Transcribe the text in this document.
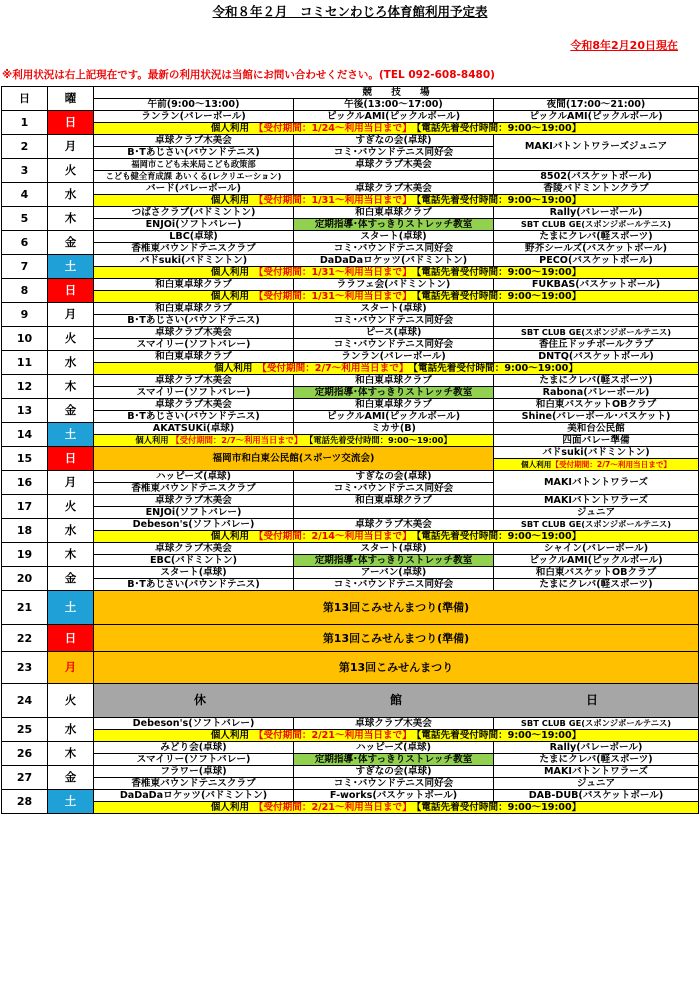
令和８年２月　コミセンわじろ体育館利用予定表
令和8年2月20日現在
※利用状況は右上記現在です。最新の利用状況は当館にお問い合わせください。(TEL 092-608-8480)
日	曜	競　　技　　場		
		午前(9:00～13:00)	午後(13:00～17:00)	夜間(17:00～21:00)
1	日	ランラン(バレーボール)	ピックルAMI(ピックルボール)	ピックルAMI(ピックルボール)
		個人利用　 【受付期間：1/24～利用当日まで】　 【電話先着受付時間：9:00～19:00】		
2	月	卓球クラブ木美会	すぎなの会(卓球)	MAKIバトントワラーズジュニア
		B･Tあじさい(バウンドテニス)	コミ･バウンドテニス同好会	
3	火	福岡市こども未来局こども政策部	卓球クラブ木美会	
		こども健全育成課 あいくる(レクリエーション)		8502(バスケットボール)
4	水	バード(バレーボール)	卓球クラブ木美会	香陵バドミントンクラブ
		個人利用　 【受付期間：1/31～利用当日まで】　 【電話先着受付時間：9:00～19:00】		
5	木	つばさクラブ(バドミントン)	和白東卓球クラブ	Rally(バレーボール)
		ENJOi(ソフトバレー)	定期指導･体すっきりストレッチ教室	SBT CLUB GE(スポンジボールテニス)
6	金	LBC(卓球)	スタート(卓球)	たまにクレバ(軽スポーツ)
		香椎東バウンドテニスクラブ	コミ･バウンドテニス同好会	野芥シールズ(バスケットボール)
7	土	バドsuki(バドミントン)	DaDaDaロケッツ(バドミントン)	PECO(バスケットボール)
		個人利用　 【受付期間：1/31～利用当日まで】　 【電話先着受付時間：9:00～19:00】		
8	日	和白東卓球クラブ	ララフェ会(バドミントン)	FUKBAS(バスケットボール)
		個人利用　 【受付期間：1/31～利用当日まで】　 【電話先着受付時間：9:00～19:00】		
9	月	和白東卓球クラブ	スタート(卓球)	
		B･Tあじさい(バウンドテニス)	コミ･バウンドテニス同好会	
10	火	卓球クラブ木美会	ピース(卓球)	SBT CLUB GE(スポンジボールテニス)
		スマイリー(ソフトバレー)	コミ･バウンドテニス同好会	香住丘ドッチボールクラブ
11	水	和白東卓球クラブ	ランラン(バレーボール)	DNTQ(バスケットボール)
		個人利用　 【受付期間：2/7～利用当日まで】　 【電話先着受付時間：9:00～19:00】		
12	木	卓球クラブ木美会	和白東卓球クラブ	たまにクレバ(軽スポーツ)
		スマイリー(ソフトバレー)	定期指導･体すっきりストレッチ教室	Rabona(バレーボール)
13	金	卓球クラブ木美会	和白東卓球クラブ	和白東バスケットOBクラブ
		B･Tあじさい(バウンドテニス)	ピックルAMI(ピックルボール)	Shine(バレーボール･バスケット)
14	土	AKATSUKi(卓球)	ミカサ(B)	美和台公民館
		個人利用 【受付期間：2/7～利用当日まで】 【電話先着受付時間：9:00～19:00】		四面バレー準備
15	日	福岡市和白東公民館(スポーツ交流会)		バドsuki(バドミントン)
				個人利用【受付期間：2/7～利用当日まで】
16	月	ハッピーズ(卓球)	すぎなの会(卓球)	MAKIバトントワラーズ
		香椎東バウンドテニスクラブ	コミ･バウンドテニス同好会	
17	火	卓球クラブ木美会	和白東卓球クラブ	MAKIバトントワラーズ
		ENJOi(ソフトバレー)		ジュニア
18	水	Debeson's(ソフトバレー)	卓球クラブ木美会	SBT CLUB GE(スポンジボールテニス)
		個人利用　 【受付期間：2/14～利用当日まで】　 【電話先着受付時間：9:00～19:00】		
19	木	卓球クラブ木美会	スタート(卓球)	シャイン(バレーボール)
		EBC(バドミントン)	定期指導･体すっきりストレッチ教室	ピックルAMI(ピックルボール)
20	金	スタート(卓球)	アーバン(卓球)	和白東バスケットOBクラブ
		B･Tあじさい(バウンドテニス)	コミ･バウンドテニス同好会	たまにクレバ(軽スポーツ)
21	土	第13回こみせんまつり(準備)		
22	日	第13回こみせんまつり(準備)		
23	月	第13回こみせんまつり		
24	火	休 館 日		
25	水	Debeson's(ソフトバレー)	卓球クラブ木美会	SBT CLUB GE(スポンジボールテニス)
		個人利用　 【受付期間：2/21～利用当日まで】　 【電話先着受付時間：9:00～19:00】		
26	木	みどり会(卓球)	ハッピーズ(卓球)	Rally(バレーボール)
		スマイリー(ソフトバレー)	定期指導･体すっきりストレッチ教室	たまにクレバ(軽スポーツ)
27	金	フラワー(卓球)	すぎなの会(卓球)	MAKIバトントワラーズ
		香椎東バウンドテニスクラブ	コミ･バウンドテニス同好会	ジュニア
28	土	DaDaDaロケッツ(バドミントン)	F-works(バスケットボール)	DAB-DUB(バスケットボール)
		個人利用　 【受付期間：2/21～利用当日まで】　 【電話先着受付時間：9:00～19:00】		
